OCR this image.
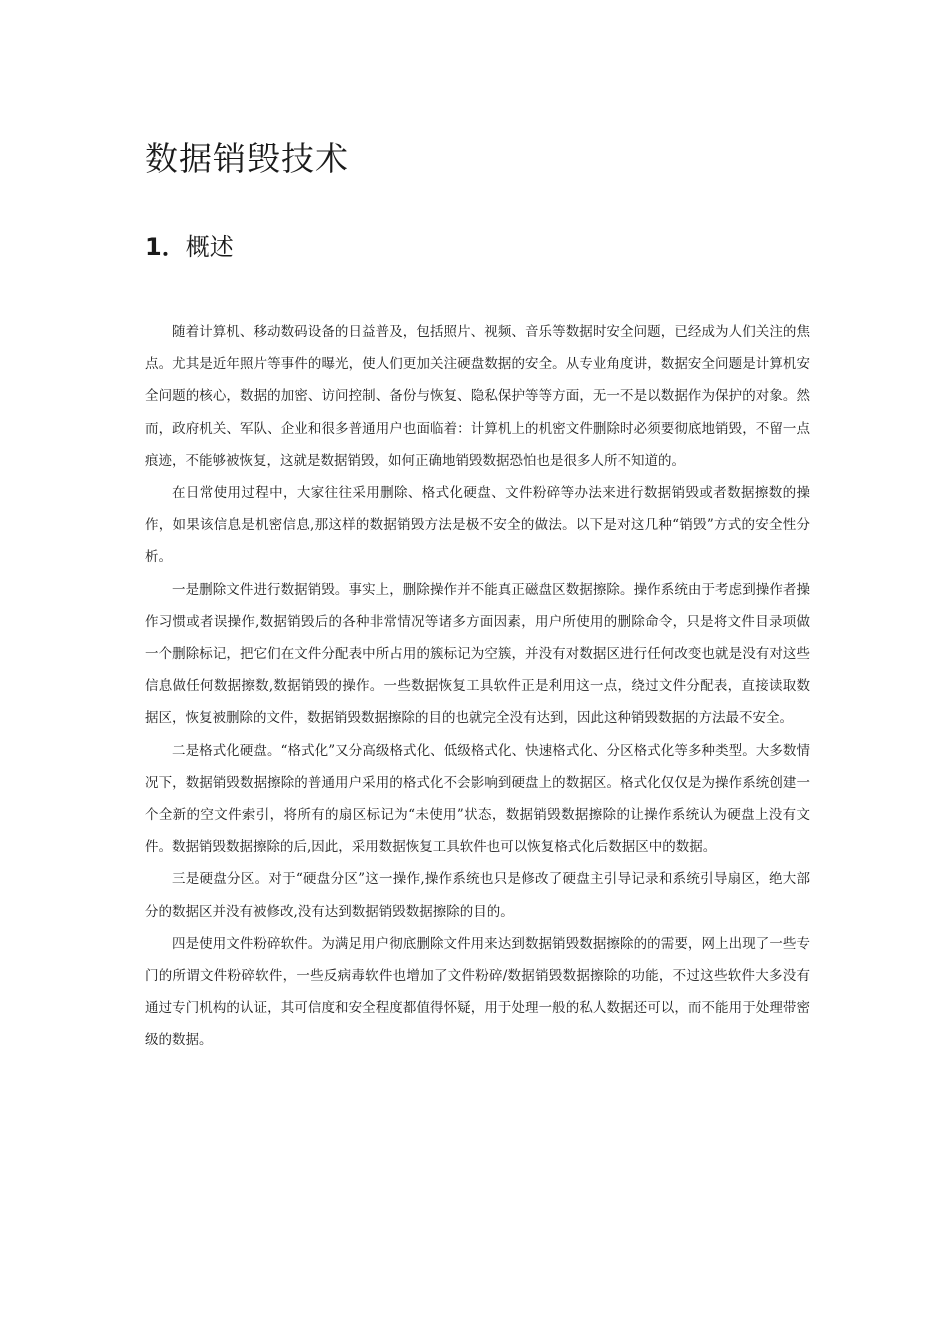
数据销毁技术
1．概述

随着计算机、移动数码设备的日益普及，包括照片、视频、音乐等数据时安全问题，已经成为人们关注的焦点。尤其是近年照片等事件的曝光，使人们更加关注硬盘数据的安全。从专业角度讲，数据安全问题是计算机安全问题的核心，数据的加密、访问控制、备份与恢复、隐私保护等等方面，无一不是以数据作为保护的对象。然而，政府机关、军队、企业和很多普通用户也面临着：计算机上的机密文件删除时必须要彻底地销毁，不留一点痕迹，不能够被恢复，这就是数据销毁，如何正确地销毁数据恐怕也是很多人所不知道的。

在日常使用过程中，大家往往采用删除、格式化硬盘、文件粉碎等办法来进行数据销毁或者数据擦数的操作，如果该信息是机密信息,那这样的数据销毁方法是极不安全的做法。以下是对这几种“销毁”方式的安全性分析。

一是删除文件进行数据销毁。事实上，删除操作并不能真正磁盘区数据擦除。操作系统由于考虑到操作者操作习惯或者误操作,数据销毁后的各种非常情况等诸多方面因素，用户所使用的删除命令，只是将文件目录项做一个删除标记，把它们在文件分配表中所占用的簇标记为空簇，并没有对数据区进行任何改变也就是没有对这些信息做任何数据擦数,数据销毁的操作。一些数据恢复工具软件正是利用这一点，绕过文件分配表，直接读取数据区，恢复被删除的文件，数据销毁数据擦除的目的也就完全没有达到，因此这种销毁数据的方法最不安全。

二是格式化硬盘。“格式化”又分高级格式化、低级格式化、快速格式化、分区格式化等多种类型。大多数情况下，数据销毁数据擦除的普通用户采用的格式化不会影响到硬盘上的数据区。格式化仅仅是为操作系统创建一个全新的空文件索引，将所有的扇区标记为“未使用”状态，数据销毁数据擦除的让操作系统认为硬盘上没有文件。数据销毁数据擦除的后,因此，采用数据恢复工具软件也可以恢复格式化后数据区中的数据。

三是硬盘分区。对于“硬盘分区”这一操作,操作系统也只是修改了硬盘主引导记录和系统引导扇区，绝大部分的数据区并没有被修改,没有达到数据销毁数据擦除的目的。

四是使用文件粉碎软件。为满足用户彻底删除文件用来达到数据销毁数据擦除的的需要，网上出现了一些专门的所谓文件粉碎软件，一些反病毒软件也增加了文件粉碎/数据销毁数据擦除的功能，不过这些软件大多没有通过专门机构的认证，其可信度和安全程度都值得怀疑，用于处理一般的私人数据还可以，而不能用于处理带密级的数据。
